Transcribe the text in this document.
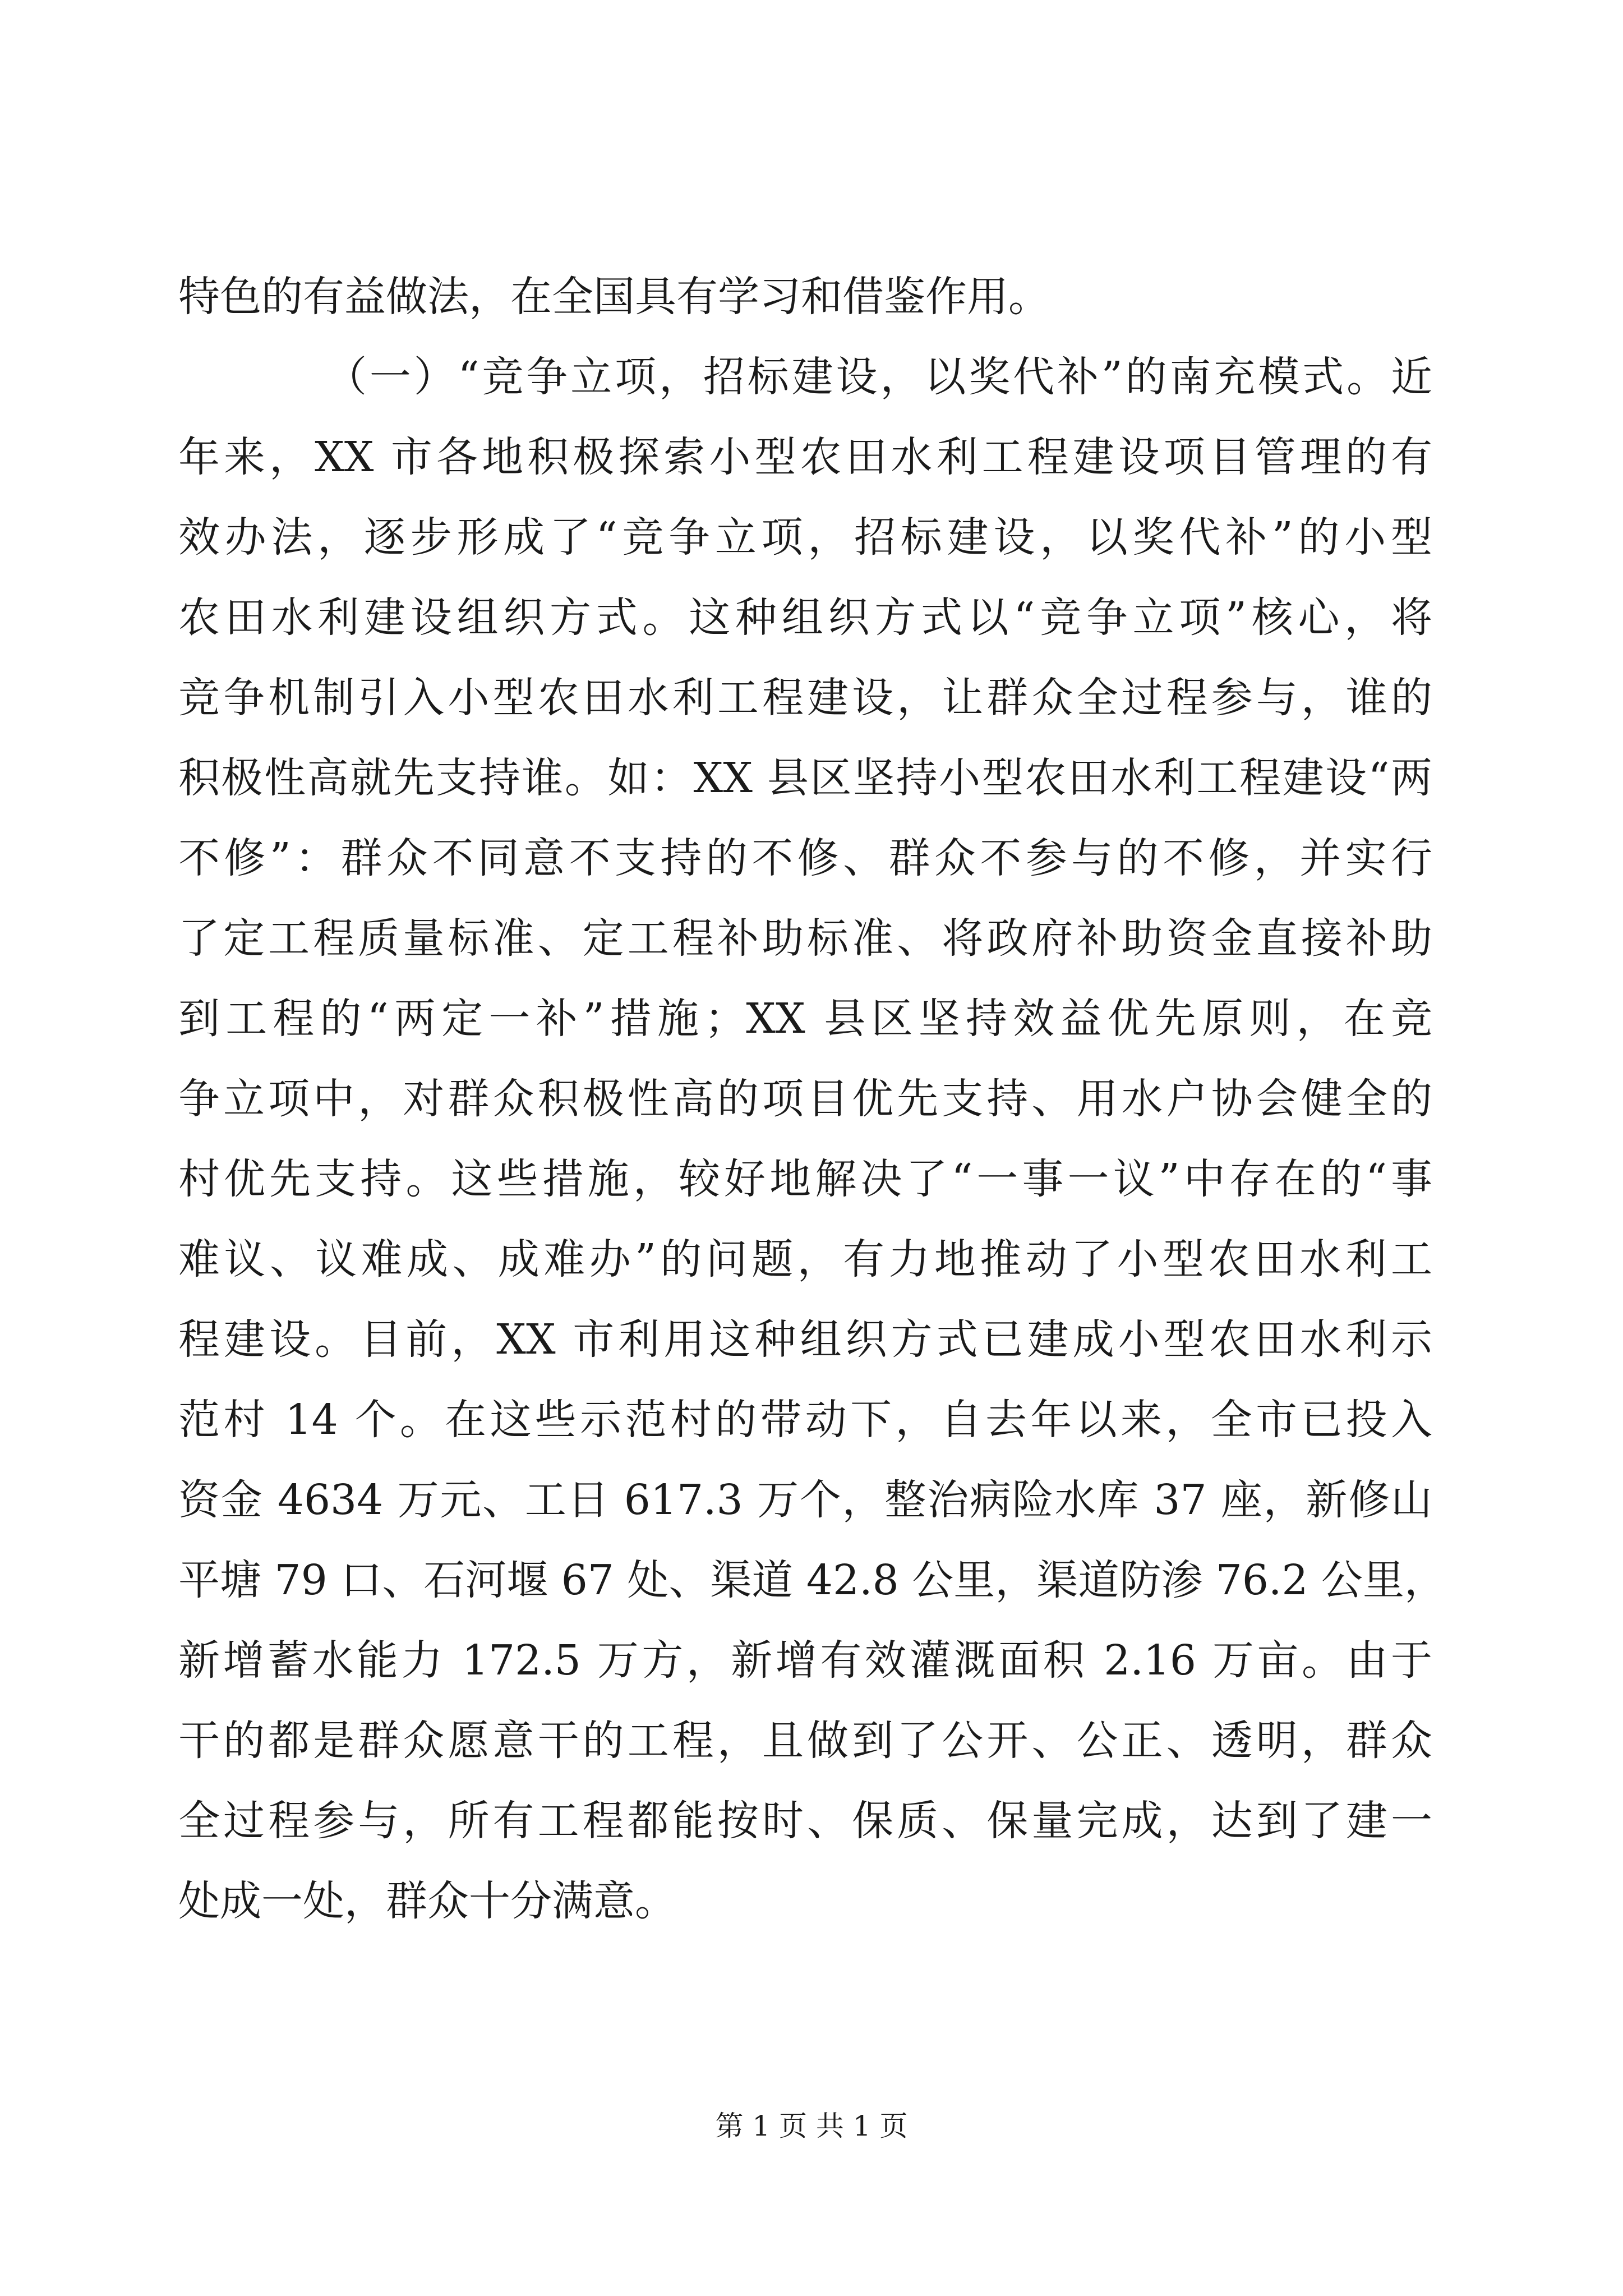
特色的有益做法，在全国具有学习和借鉴作用。
（一）“竞争立项，招标建设，以奖代补”的南充模式。近
年来，XX 市各地积极探索小型农田水利工程建设项目管理的有
效办法，逐步形成了“竞争立项，招标建设，以奖代补”的小型
农田水利建设组织方式。这种组织方式以“竞争立项”核心，将
竞争机制引入小型农田水利工程建设，让群众全过程参与，谁的
积极性高就先支持谁。如：XX 县区坚持小型农田水利工程建设“两
不修”：群众不同意不支持的不修、群众不参与的不修，并实行
了定工程质量标准、定工程补助标准、将政府补助资金直接补助
到工程的“两定一补”措施；XX 县区坚持效益优先原则，在竞
争立项中，对群众积极性高的项目优先支持、用水户协会健全的
村优先支持。这些措施，较好地解决了“一事一议”中存在的“事
难议、议难成、成难办”的问题，有力地推动了小型农田水利工
程建设。目前，XX 市利用这种组织方式已建成小型农田水利示
范村 14 个。在这些示范村的带动下，自去年以来，全市已投入
资金 4634 万元、工日 617.3 万个，整治病险水库 37 座，新修山
平塘 79 口、石河堰 67 处、渠道 42.8 公里，渠道防渗 76.2 公里，
新增蓄水能力 172.5 万方，新增有效灌溉面积 2.16 万亩。由于
干的都是群众愿意干的工程，且做到了公开、公正、透明，群众
全过程参与，所有工程都能按时、保质、保量完成，达到了建一
处成一处，群众十分满意。
第 1 页 共 1 页
